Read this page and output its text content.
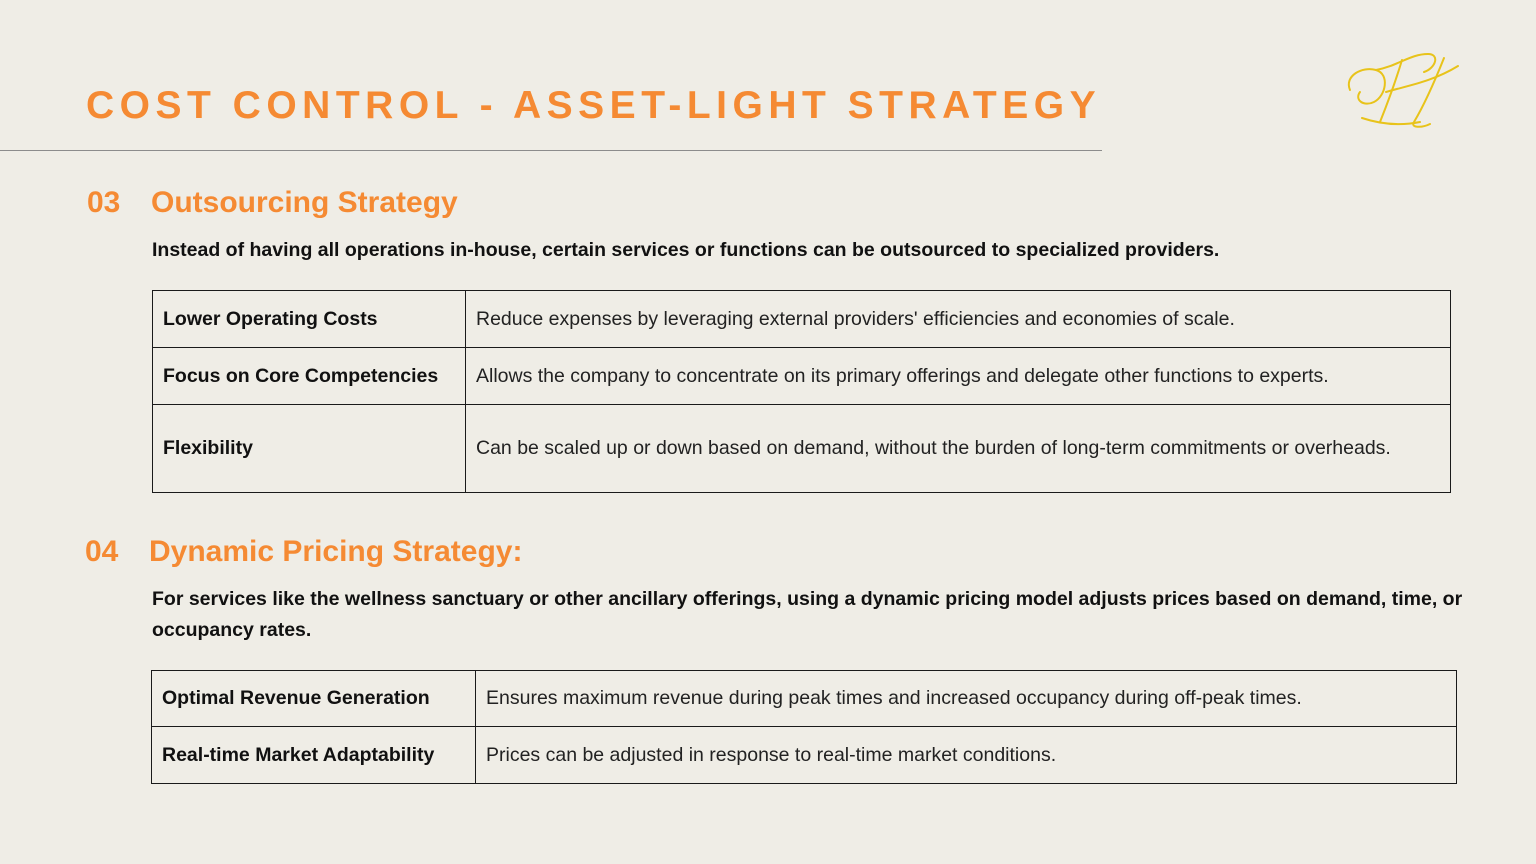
COST CONTROL - ASSET-LIGHT STRATEGY
03 Outsourcing Strategy
Instead of having all operations in-house, certain services or functions can be outsourced to specialized providers.
Lower Operating Costs	Reduce expenses by leveraging external providers' efficiencies and economies of scale.
Focus on Core Competencies	Allows the company to concentrate on its primary offerings and delegate other functions to experts.
Flexibility	Can be scaled up or down based on demand, without the burden of long-term commitments or overheads.
04 Dynamic Pricing Strategy:
For services like the wellness sanctuary or other ancillary offerings, using a dynamic pricing model adjusts prices based on demand, time, or occupancy rates.
Optimal Revenue Generation	Ensures maximum revenue during peak times and increased occupancy during off-peak times.
Real-time Market Adaptability	Prices can be adjusted in response to real-time market conditions.
